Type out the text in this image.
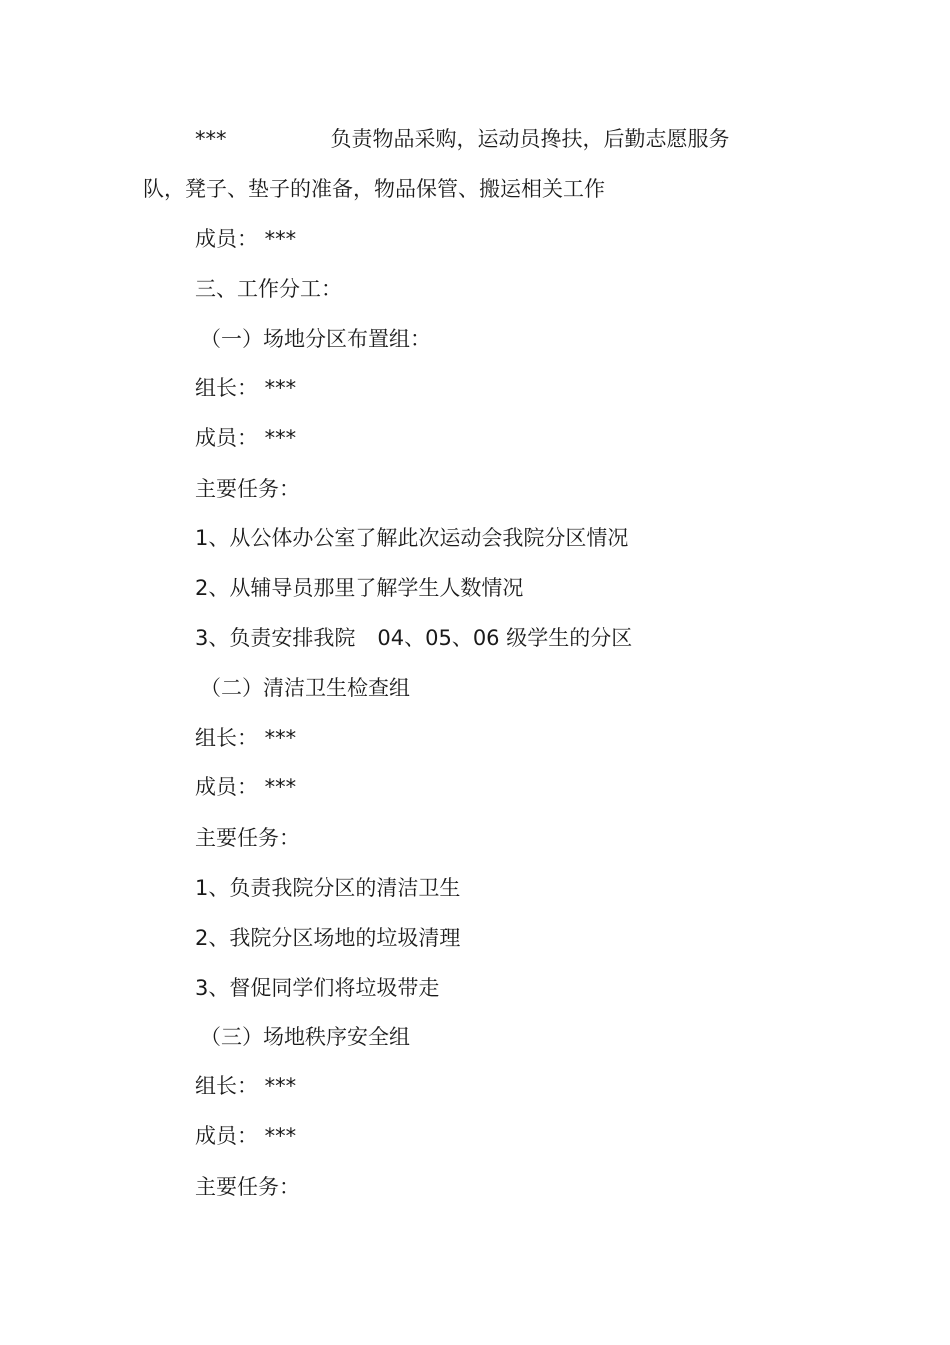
***	负责物品采购，运动员搀扶，后勤志愿服务
队，凳子、垫子的准备，物品保管、搬运相关工作
成员： ***
三、工作分工：
（一）场地分区布置组：
组长： ***
成员： ***
主要任务：
1、从公体办公室了解此次运动会我院分区情况
2、从辅导员那里了解学生人数情况
3、负责安排我院 04、05、06 级学生的分区
（二）清洁卫生检查组
组长： ***
成员： ***
主要任务：
1、负责我院分区的清洁卫生
2、我院分区场地的垃圾清理
3、督促同学们将垃圾带走
（三）场地秩序安全组
组长： ***
成员： ***
主要任务：
